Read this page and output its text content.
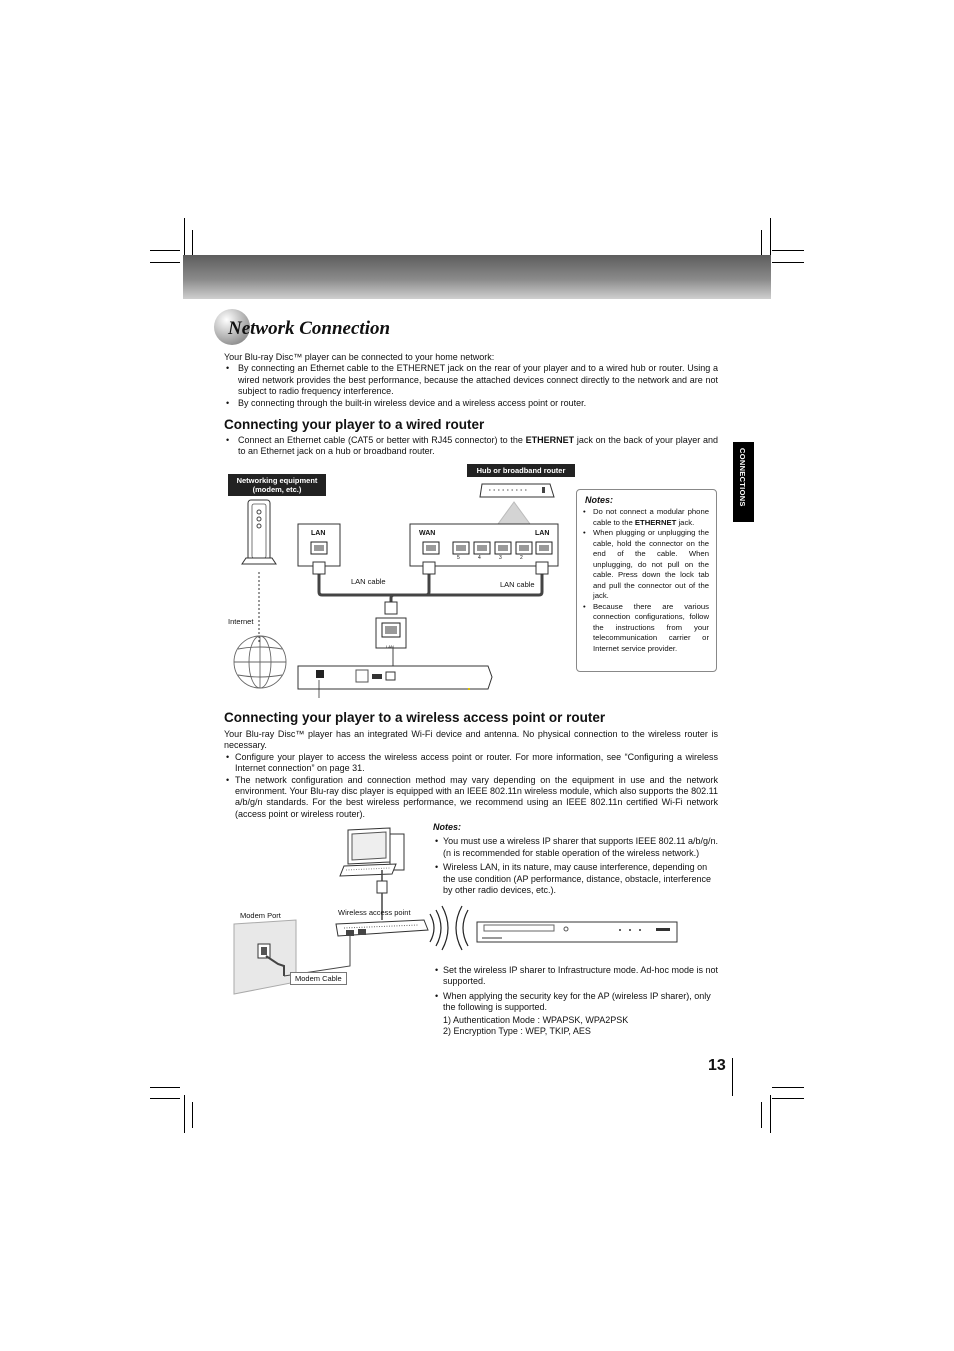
Network Connection
CONNECTIONS
Your Blu-ray Disc™ player can be connected to your home network:
• By connecting an Ethernet cable to the ETHERNET jack on the rear of your player and to a wired hub or router. Using a wired network provides the best performance, because the attached devices connect directly to the network and are not subject to radio frequency interference.
• By connecting through the built-in wireless device and a wireless access point or router.
Connecting your player to a wired router
• Connect an Ethernet cable (CAT5 or better with RJ45 connector) to the ETHERNET jack on the back of your player and to an Ethernet jack on a hub or broadband router.
Networking equipment (modem, etc.)
Hub or broadband router
LAN	WAN	LAN
5	4	3	2
LAN cable	LAN cable
Internet
LAN
Notes:
• Do not connect a modular phone cable to the ETHERNET jack.
• When plugging or unplugging the cable, hold the connector on the end of the cable. When unplugging, do not pull on the cable. Press down the lock tab and pull the connector out of the jack.
• Because there are various connection configurations, follow the instructions from your telecommunication carrier or Internet service provider.
Connecting your player to a wireless access point or router
Your Blu-ray Disc™ player has an integrated Wi-Fi device and antenna. No physical connection to the wireless router is necessary.
• Configure your player to access the wireless access point or router. For more information, see “Configuring a wireless Internet connection” on page 31.
• The network configuration and connection method may vary depending on the equipment in use and the network environment. Your Blu-ray disc player is equipped with an IEEE 802.11n wireless module, which also supports the 802.11 a/b/g/n standards. For the best wireless performance, we recommend using an IEEE 802.11n certified Wi-Fi network (access point or wireless router).
Modem Port	Wireless access point
Modem Cable
Notes:
• You must use a wireless IP sharer that supports IEEE 802.11 a/b/g/n. (n is recommended for stable operation of the wireless network.)
• Wireless LAN, in its nature, may cause interference, depending on the use condition (AP performance, distance, obstacle, interference by other radio devices, etc.).
• Set the wireless IP sharer to Infrastructure mode. Ad-hoc mode is not supported.
• When applying the security key for the AP (wireless IP sharer), only the following is supported.
1) Authentication Mode : WPAPSK, WPA2PSK
2) Encryption Type : WEP, TKIP, AES
13
